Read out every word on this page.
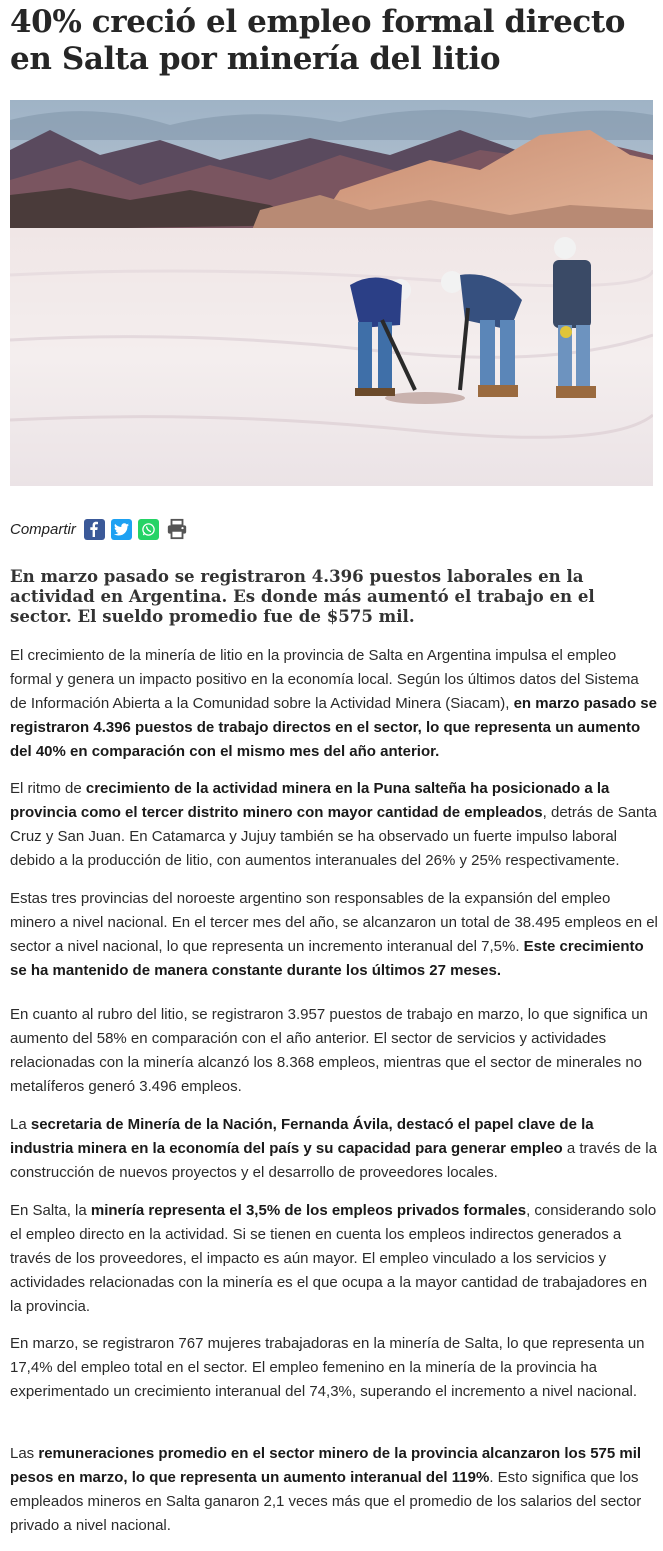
40% creció el empleo formal directo en Salta por minería del litio
Compartir

En marzo pasado se registraron 4.396 puestos laborales en la actividad en Argentina. Es donde más aumentó el trabajo en el sector. El sueldo promedio fue de $575 mil.

El crecimiento de la minería de litio en la provincia de Salta en Argentina impulsa el empleo formal y genera un impacto positivo en la economía local. Según los últimos datos del Sistema de Información Abierta a la Comunidad sobre la Actividad Minera (Siacam), en marzo pasado se registraron 4.396 puestos de trabajo directos en el sector, lo que representa un aumento del 40% en comparación con el mismo mes del año anterior.

El ritmo de crecimiento de la actividad minera en la Puna salteña ha posicionado a la provincia como el tercer distrito minero con mayor cantidad de empleados, detrás de Santa Cruz y San Juan. En Catamarca y Jujuy también se ha observado un fuerte impulso laboral debido a la producción de litio, con aumentos interanuales del 26% y 25% respectivamente.

Estas tres provincias del noroeste argentino son responsables de la expansión del empleo minero a nivel nacional. En el tercer mes del año, se alcanzaron un total de 38.495 empleos en el sector a nivel nacional, lo que representa un incremento interanual del 7,5%. Este crecimiento se ha mantenido de manera constante durante los últimos 27 meses.

En cuanto al rubro del litio, se registraron 3.957 puestos de trabajo en marzo, lo que significa un aumento del 58% en comparación con el año anterior. El sector de servicios y actividades relacionadas con la minería alcanzó los 8.368 empleos, mientras que el sector de minerales no metalíferos generó 3.496 empleos.

La secretaria de Minería de la Nación, Fernanda Ávila, destacó el papel clave de la industria minera en la economía del país y su capacidad para generar empleo a través de la construcción de nuevos proyectos y el desarrollo de proveedores locales.

En Salta, la minería representa el 3,5% de los empleos privados formales, considerando solo el empleo directo en la actividad. Si se tienen en cuenta los empleos indirectos generados a través de los proveedores, el impacto es aún mayor. El empleo vinculado a los servicios y actividades relacionadas con la minería es el que ocupa a la mayor cantidad de trabajadores en la provincia.

En marzo, se registraron 767 mujeres trabajadoras en la minería de Salta, lo que representa un 17,4% del empleo total en el sector. El empleo femenino en la minería de la provincia ha experimentado un crecimiento interanual del 74,3%, superando el incremento a nivel nacional.

Las remuneraciones promedio en el sector minero de la provincia alcanzaron los 575 mil pesos en marzo, lo que representa un aumento interanual del 119%. Esto significa que los empleados mineros en Salta ganaron 2,1 veces más que el promedio de los salarios del sector privado a nivel nacional.
